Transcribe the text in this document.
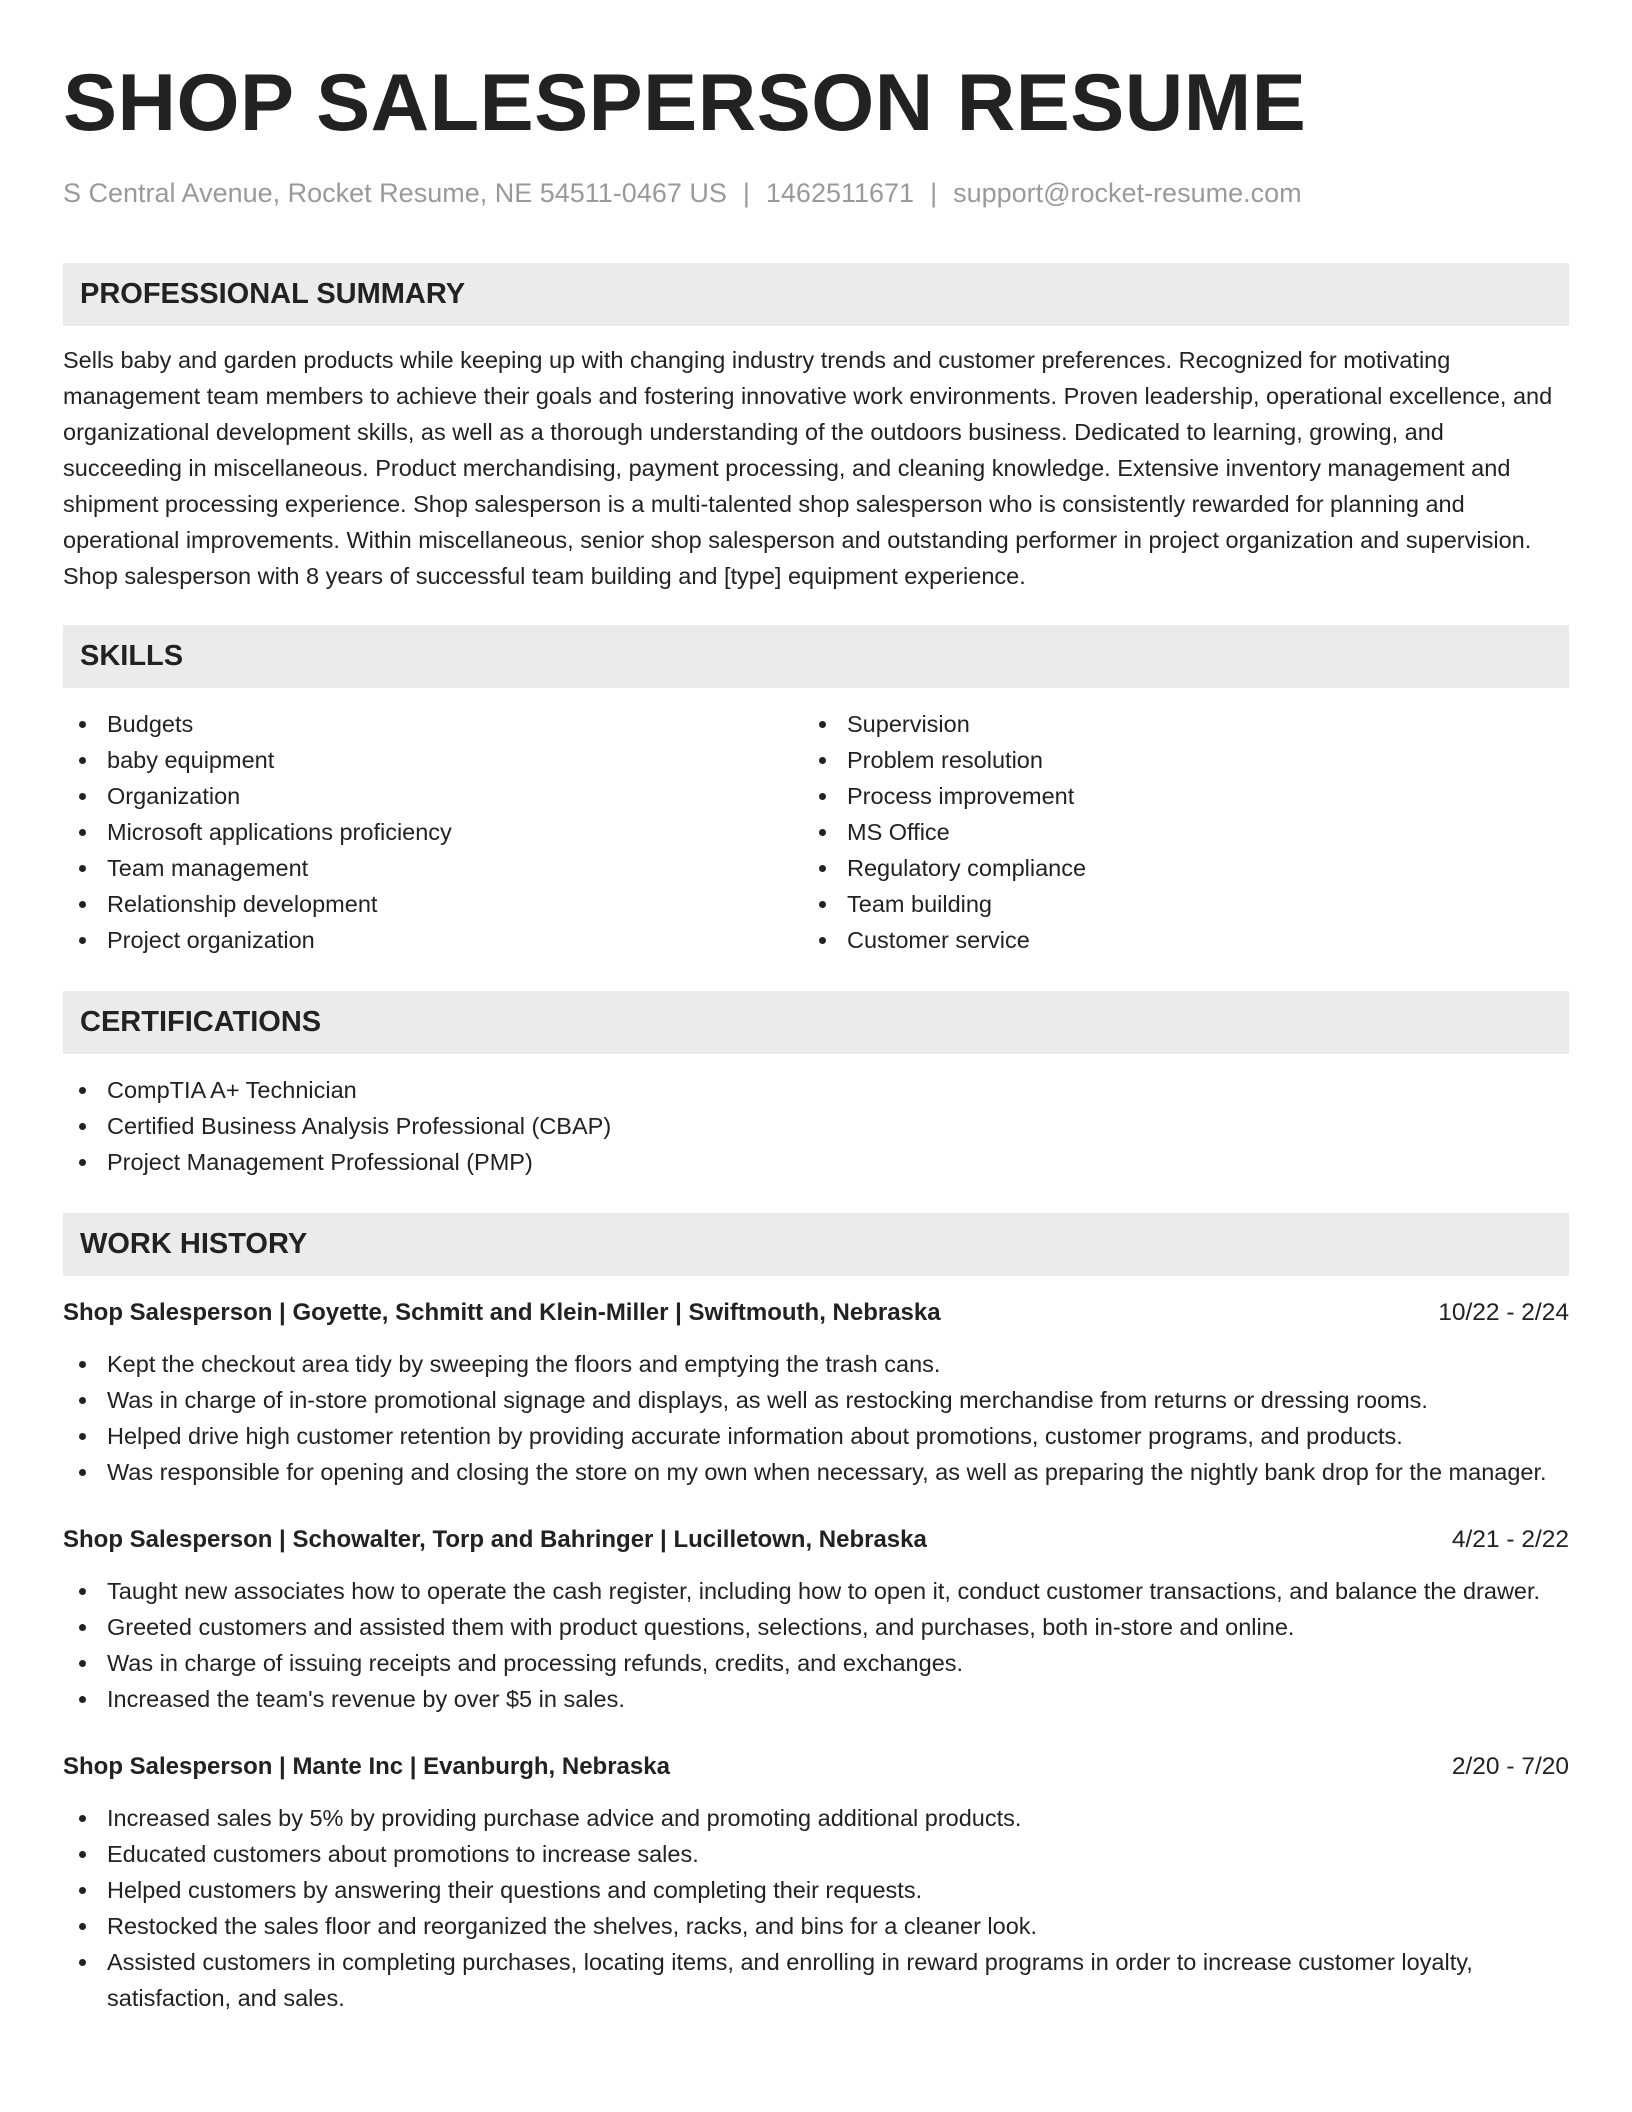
SHOP SALESPERSON RESUME
S Central Avenue, Rocket Resume, NE 54511-0467 US | 1462511671 | support@rocket-resume.com
PROFESSIONAL SUMMARY

Sells baby and garden products while keeping up with changing industry trends and customer preferences. Recognized for motivating management team members to achieve their goals and fostering innovative work environments. Proven leadership, operational excellence, and organizational development skills, as well as a thorough understanding of the outdoors business. Dedicated to learning, growing, and succeeding in miscellaneous. Product merchandising, payment processing, and cleaning knowledge. Extensive inventory management and shipment processing experience. Shop salesperson is a multi-talented shop salesperson who is consistently rewarded for planning and operational improvements. Within miscellaneous, senior shop salesperson and outstanding performer in project organization and supervision. Shop salesperson with 8 years of successful team building and [type] equipment experience.

SKILLS
Budgets
baby equipment
Organization
Microsoft applications proficiency
Team management
Relationship development
Project organization
Supervision
Problem resolution
Process improvement
MS Office
Regulatory compliance
Team building
Customer service
CERTIFICATIONS
CompTIA A+ Technician
Certified Business Analysis Professional (CBAP)
Project Management Professional (PMP)
WORK HISTORY
Shop Salesperson | Goyette, Schmitt and Klein-Miller | Swiftmouth, Nebraska	10/22 - 2/24
Kept the checkout area tidy by sweeping the floors and emptying the trash cans.
Was in charge of in-store promotional signage and displays, as well as restocking merchandise from returns or dressing rooms.
Helped drive high customer retention by providing accurate information about promotions, customer programs, and products.
Was responsible for opening and closing the store on my own when necessary, as well as preparing the nightly bank drop for the manager.
Shop Salesperson | Schowalter, Torp and Bahringer | Lucilletown, Nebraska	4/21 - 2/22
Taught new associates how to operate the cash register, including how to open it, conduct customer transactions, and balance the drawer.
Greeted customers and assisted them with product questions, selections, and purchases, both in-store and online.
Was in charge of issuing receipts and processing refunds, credits, and exchanges.
Increased the team's revenue by over $5 in sales.
Shop Salesperson | Mante Inc | Evanburgh, Nebraska	2/20 - 7/20
Increased sales by 5% by providing purchase advice and promoting additional products.
Educated customers about promotions to increase sales.
Helped customers by answering their questions and completing their requests.
Restocked the sales floor and reorganized the shelves, racks, and bins for a cleaner look.
Assisted customers in completing purchases, locating items, and enrolling in reward programs in order to increase customer loyalty, satisfaction, and sales.
